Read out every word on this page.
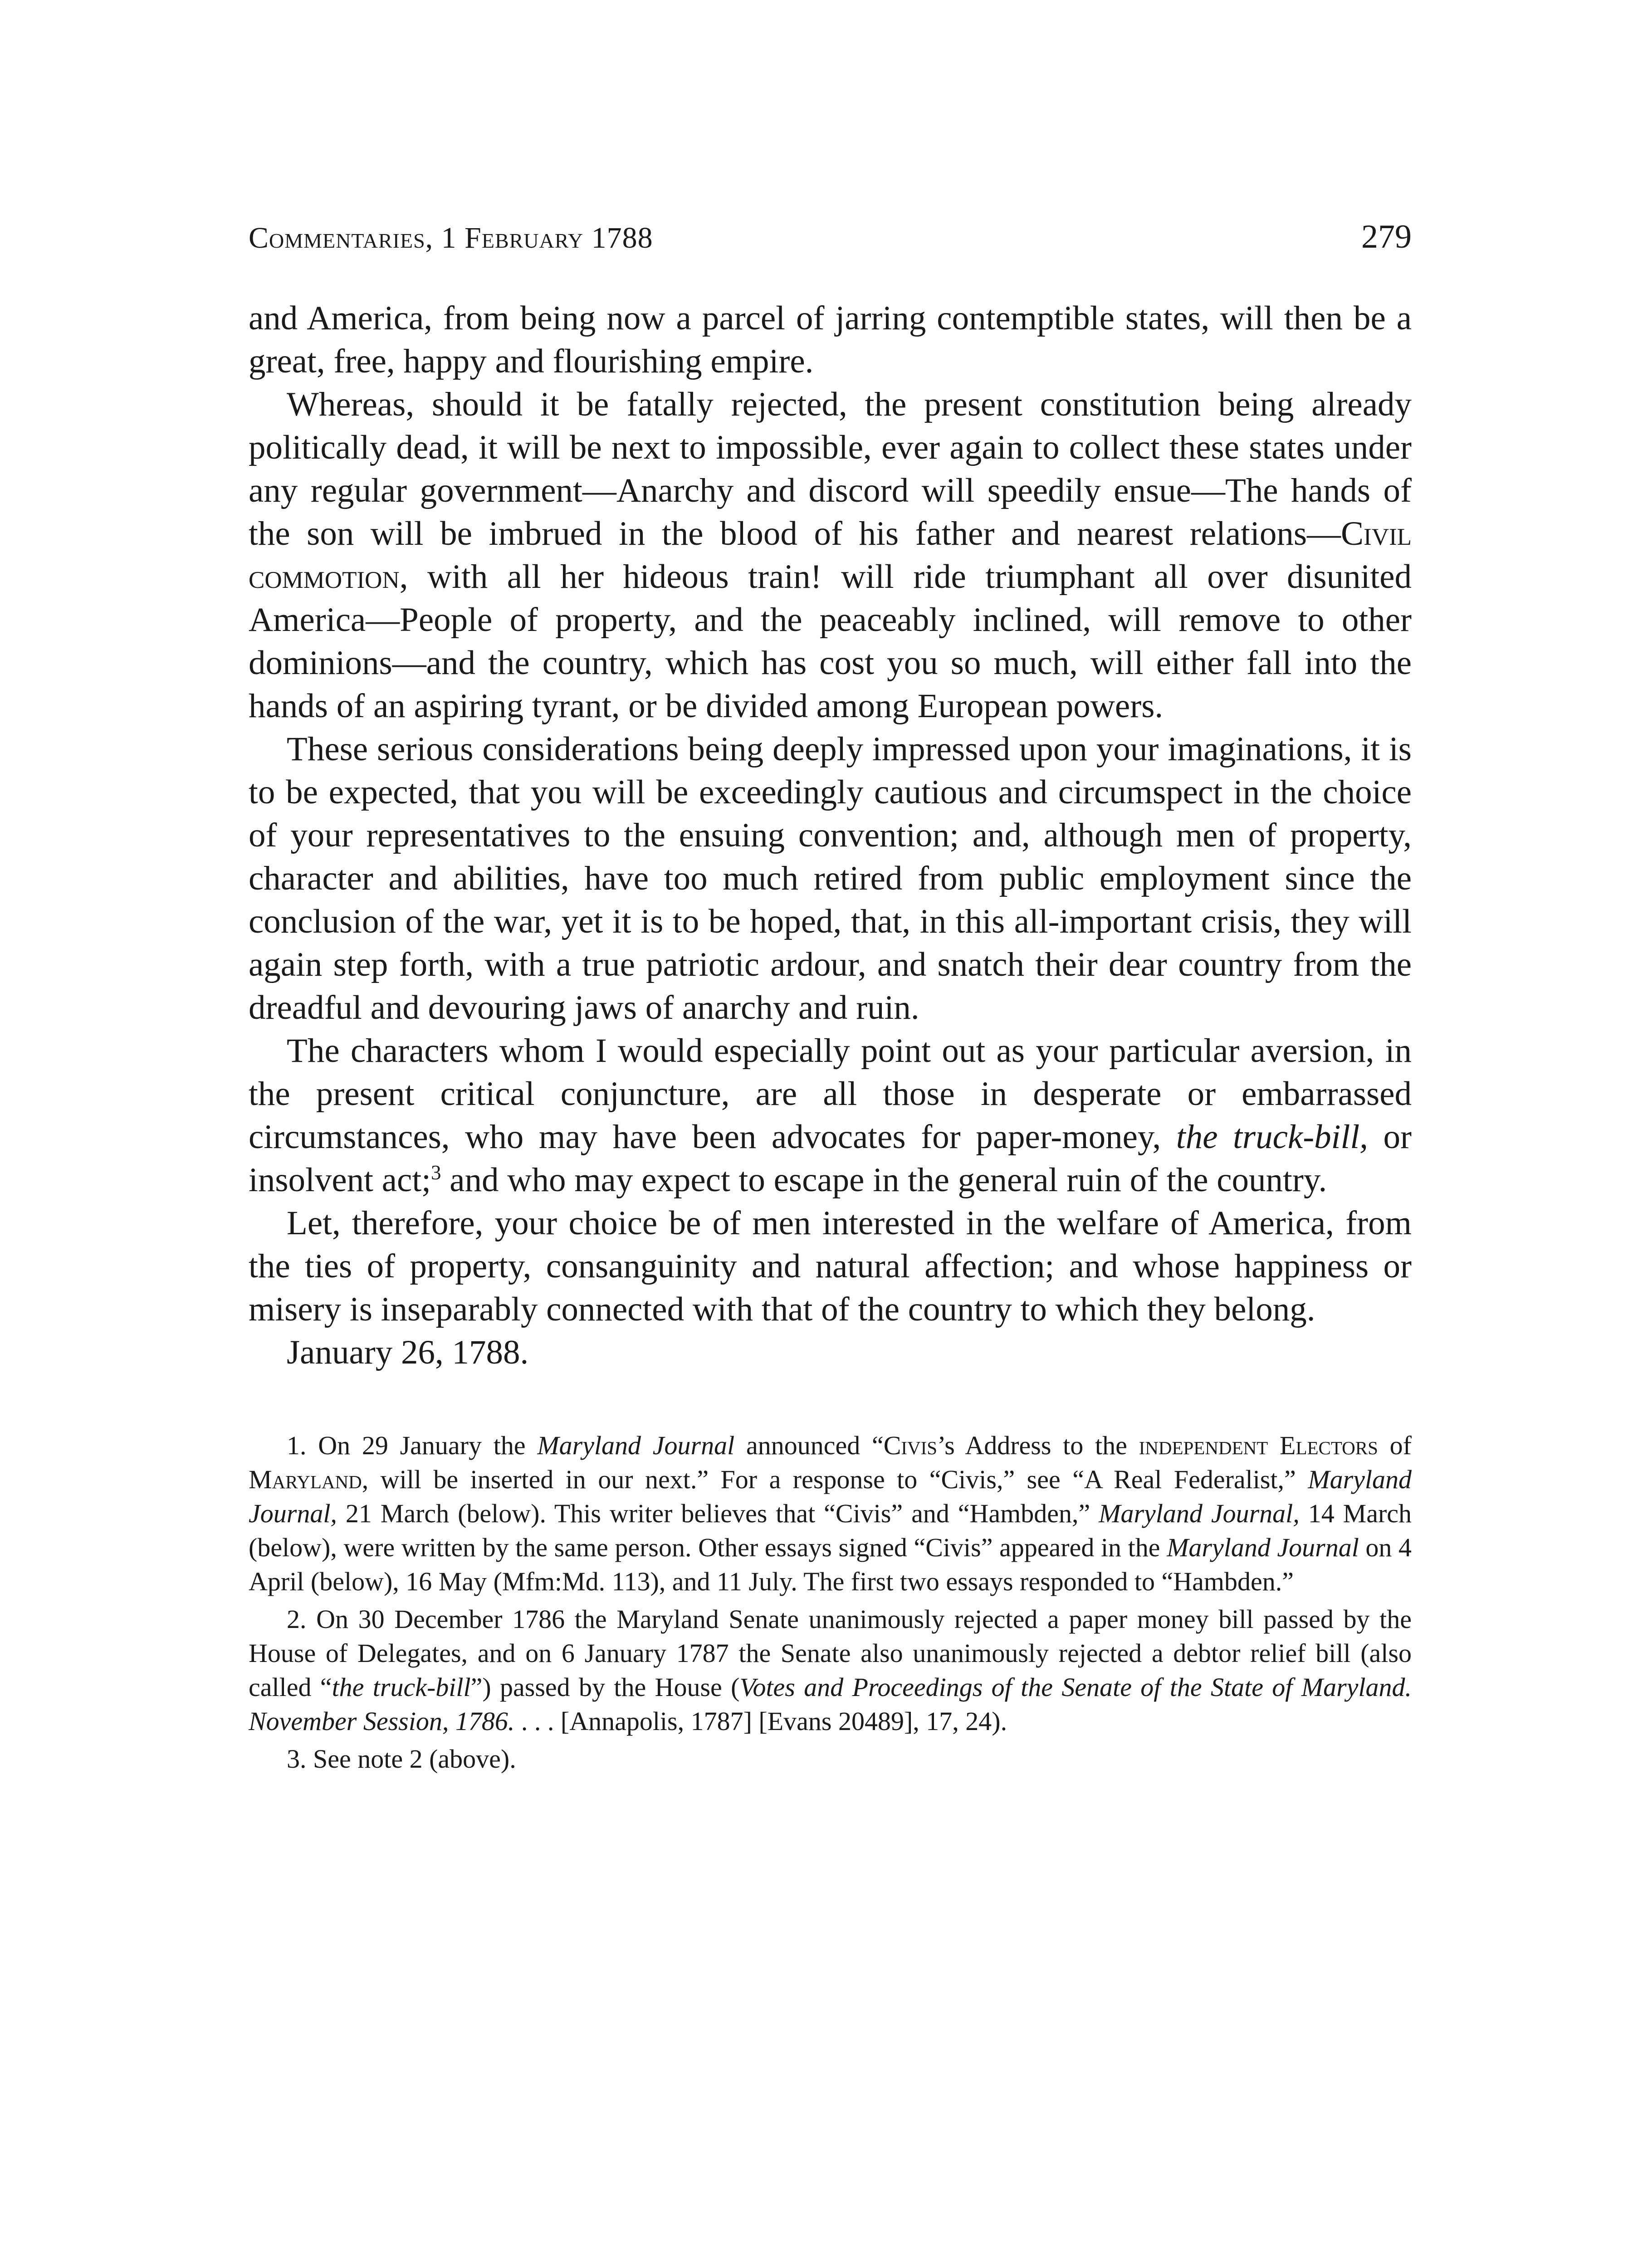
Commentaries, 1 February 1788	279

and America, from being now a parcel of jarring contemptible states, will then be a great, free, happy and flourishing empire.

Whereas, should it be fatally rejected, the present constitution being already politically dead, it will be next to impossible, ever again to collect these states under any regular government—Anarchy and discord will speedily ensue—The hands of the son will be imbrued in the blood of his father and nearest relations—Civil commotion, with all her hideous train! will ride triumphant all over disunited America—People of property, and the peaceably inclined, will remove to other dominions—and the country, which has cost you so much, will either fall into the hands of an aspiring tyrant, or be divided among European powers.

These serious considerations being deeply impressed upon your imaginations, it is to be expected, that you will be exceedingly cautious and circumspect in the choice of your representatives to the ensuing convention; and, although men of property, character and abilities, have too much retired from public employment since the conclusion of the war, yet it is to be hoped, that, in this all-important crisis, they will again step forth, with a true patriotic ardour, and snatch their dear country from the dreadful and devouring jaws of anarchy and ruin.

The characters whom I would especially point out as your particular aversion, in the present critical conjuncture, are all those in desperate or embarrassed circumstances, who may have been advocates for paper-money, the truck-bill, or insolvent act;$^3$ and who may expect to escape in the general ruin of the country.

Let, therefore, your choice be of men interested in the welfare of America, from the ties of property, consanguinity and natural affection; and whose happiness or misery is inseparably connected with that of the country to which they belong.

January 26, 1788.

1. On 29 January the Maryland Journal announced “Civis’s Address to the independent Electors of Maryland, will be inserted in our next.” For a response to “Civis,” see “A Real Federalist,” Maryland Journal, 21 March (below). This writer believes that “Civis” and “Hambden,” Maryland Journal, 14 March (below), were written by the same person. Other essays signed “Civis” appeared in the Maryland Journal on 4 April (below), 16 May (Mfm:Md. 113), and 11 July. The first two essays responded to “Hambden.”

2. On 30 December 1786 the Maryland Senate unanimously rejected a paper money bill passed by the House of Delegates, and on 6 January 1787 the Senate also unanimously rejected a debtor relief bill (also called “the truck-bill”) passed by the House (Votes and Proceedings of the Senate of the State of Maryland. November Session, 1786. . . . [Annapolis, 1787] [Evans 20489], 17, 24).

3. See note 2 (above).
